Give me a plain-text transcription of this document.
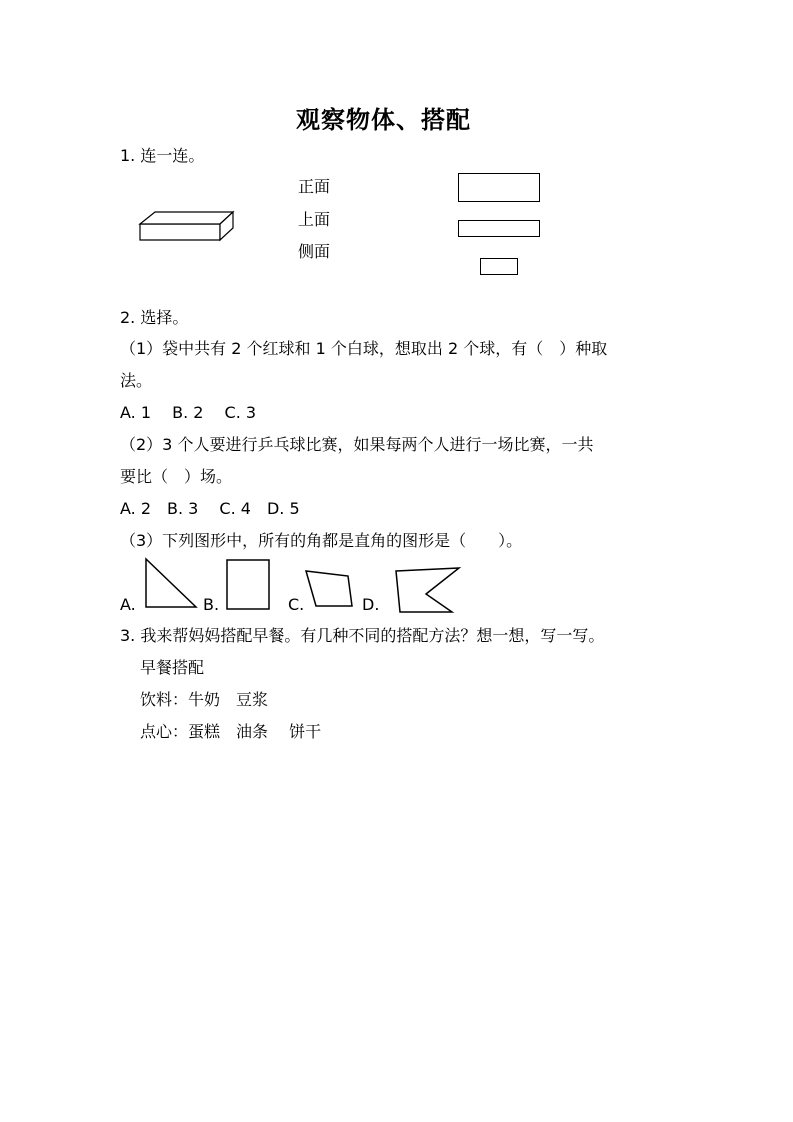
观察物体、搭配
1. 连一连。
正面
上面
侧面
2. 选择。
（1）袋中共有 2 个红球和 1 个白球，想取出 2 个球，有（　）种取
法。
A. 1　 B. 2　 C. 3
（2）3 个人要进行乒乓球比赛，如果每两个人进行一场比赛，一共
要比（　）场。
A. 2　B. 3　 C. 4　D. 5
（3）下列图形中，所有的角都是直角的图形是（　　）。
A.	B.	C.	D.
3. 我来帮妈妈搭配早餐。有几种不同的搭配方法？想一想，写一写。
早餐搭配
饮料：牛奶　豆浆
点心：蛋糕　油条　 饼干
